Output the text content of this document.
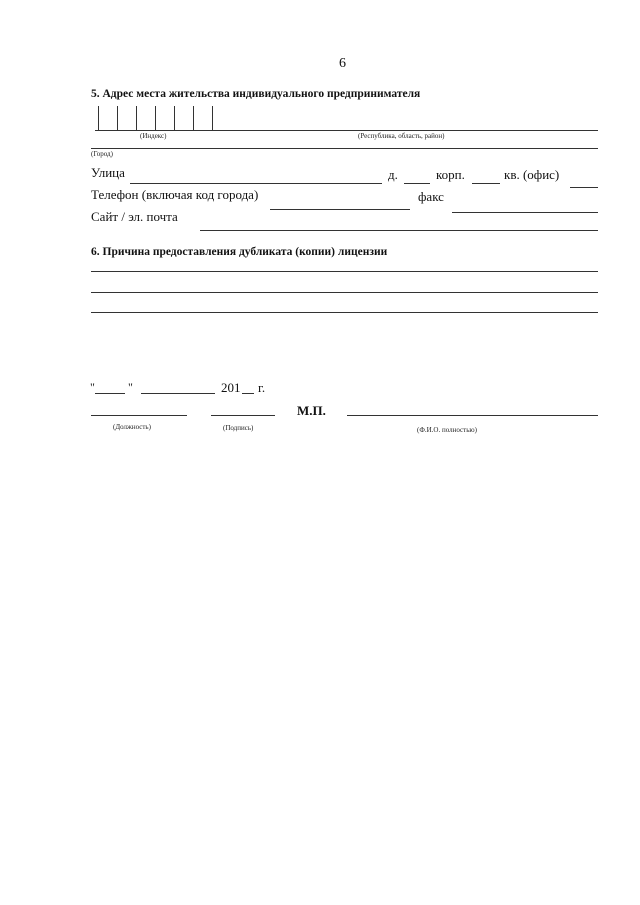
6
5. Адрес места жительства индивидуального предпринимателя
(Индекс)	(Республика, область, район)
(Город)
Улица	д.	корп.	кв. (офис)
Телефон (включая код города)	факс
Сайт / эл. почта
6. Причина предоставления дубликата (копии) лицензии
"	"	201 г.
М.П.
(Должность)	(Подпись)	(Ф.И.О. полностью)
